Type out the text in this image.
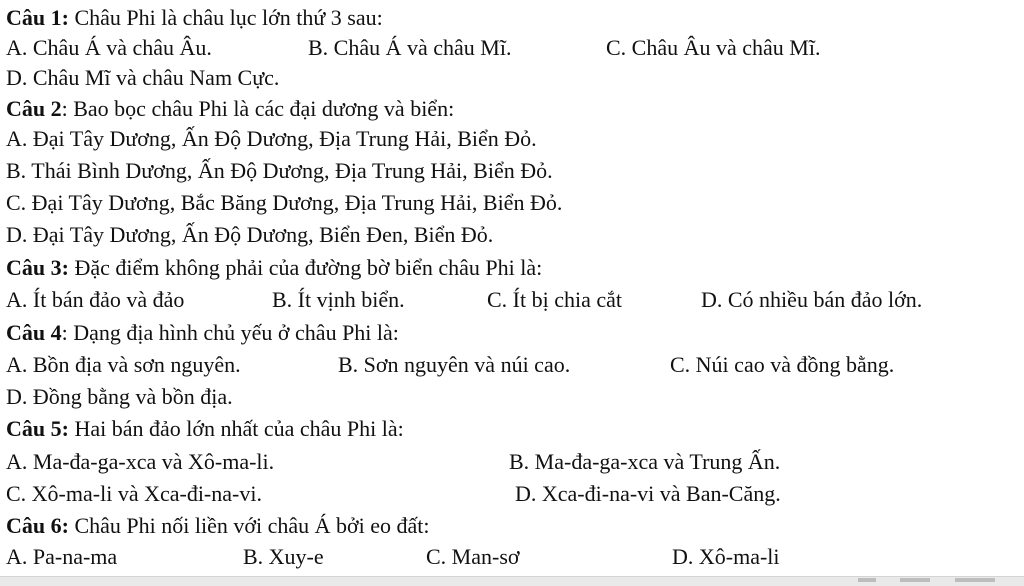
Câu 1: Châu Phi là châu lục lớn thứ 3 sau:
A. Châu Á và châu Âu.	B. Châu Á và châu Mĩ.	C. Châu Âu và châu Mĩ.
D. Châu Mĩ và châu Nam Cực.
Câu 2: Bao bọc châu Phi là các đại dương và biển:
A. Đại Tây Dương, Ấn Độ Dương, Địa Trung Hải, Biển Đỏ.
B. Thái Bình Dương, Ấn Độ Dương, Địa Trung Hải, Biển Đỏ.
C. Đại Tây Dương, Bắc Băng Dương, Địa Trung Hải, Biển Đỏ.
D. Đại Tây Dương, Ấn Độ Dương, Biển Đen, Biển Đỏ.
Câu 3: Đặc điểm không phải của đường bờ biển châu Phi là:
A. Ít bán đảo và đảo	B. Ít vịnh biển.	C. Ít bị chia cắt	D. Có nhiều bán đảo lớn.
Câu 4: Dạng địa hình chủ yếu ở châu Phi là:
A. Bồn địa và sơn nguyên.	B. Sơn nguyên và núi cao.	C. Núi cao và đồng bằng.
D. Đồng bằng và bồn địa.
Câu 5: Hai bán đảo lớn nhất của châu Phi là:
A. Ma-đa-ga-xca và Xô-ma-li.	B. Ma-đa-ga-xca và Trung Ấn.
C. Xô-ma-li và Xca-đi-na-vi.	D. Xca-đi-na-vi và Ban-Căng.
Câu 6: Châu Phi nối liền với châu Á bởi eo đất:
A. Pa-na-ma	B. Xuy-e	C. Man-sơ	D. Xô-ma-li
